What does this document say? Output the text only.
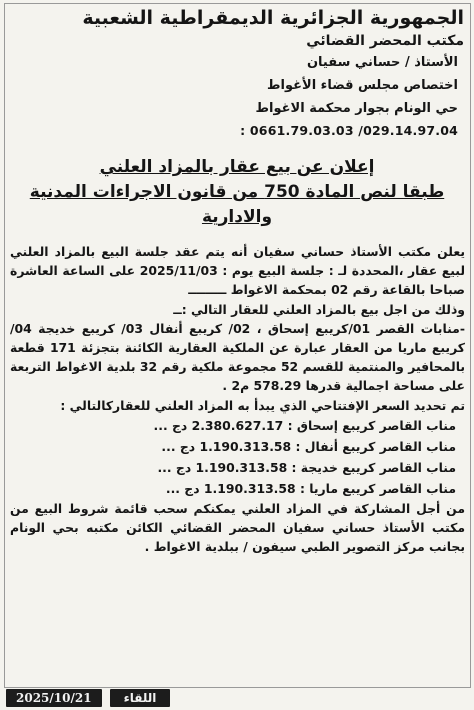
الجمهورية الجزائرية الديمقراطية الشعبية
مكتب المحضر القضائي
الأستاذ / حساني سفيان
اختصاص مجلس قضاء الأغواط
حي الونام بجوار محكمة الاغواط
029.14.97.04/ 0661.79.03.03 :
إعلان عن بيع عقار بالمزاد العلني
طبقا لنص المادة 750 من قانون الاجراءات المدنية والادارية

يعلن مكتب الأستاذ حساني سفيان أنه يتم عقد جلسة البيع بالمزاد العلني لبيع عقار ،المحددة لـ : جلسة البيع يوم : 2025/11/03 على الساعة العاشرة صباحا بالقاعة رقم 02 بمحكمة الاغواط ـــــــــ

وذلك من اجل بيع بالمزاد العلني للعقار التالي :ــ

-منابات القصر 01/كريبع إسحاق ، 02/ كريبع أنفال 03/ كريبع خديجة 04/ كريبع ماريا من العقار عبارة عن الملكية العقارية الكائنة بتجزئة 171 قطعة بالمحافير والمنتمية للقسم 52 مجموعة ملكية رقم 32 بلدية الاغواط التربعة على مساحة اجمالية قدرها 578.29 م2 .

تم تحديد السعر الإفتتاحي الذي يبدأ به المزاد العلني للعقاركالتالي :

مناب القاصر كريبع إسحاق : 2.380.627.17 دج ...
مناب القاصر كريبع أنفال : 1.190.313.58 دج ...
مناب القاصر كريبع خديجة : 1.190.313.58 دج ...
مناب القاصر كريبع ماريا : 1.190.313.58 دج ...
من أجل المشاركة في المزاد العلني يمكنكم سحب قائمة شروط البيع من مكتب الأستاذ حساني سفيان المحضر القضائي الكائن مكتبه بحي الونام بجانب مركز التصوير الطبي سيفون / ببلدية الاغواط .
2025/10/21	اللقاء
